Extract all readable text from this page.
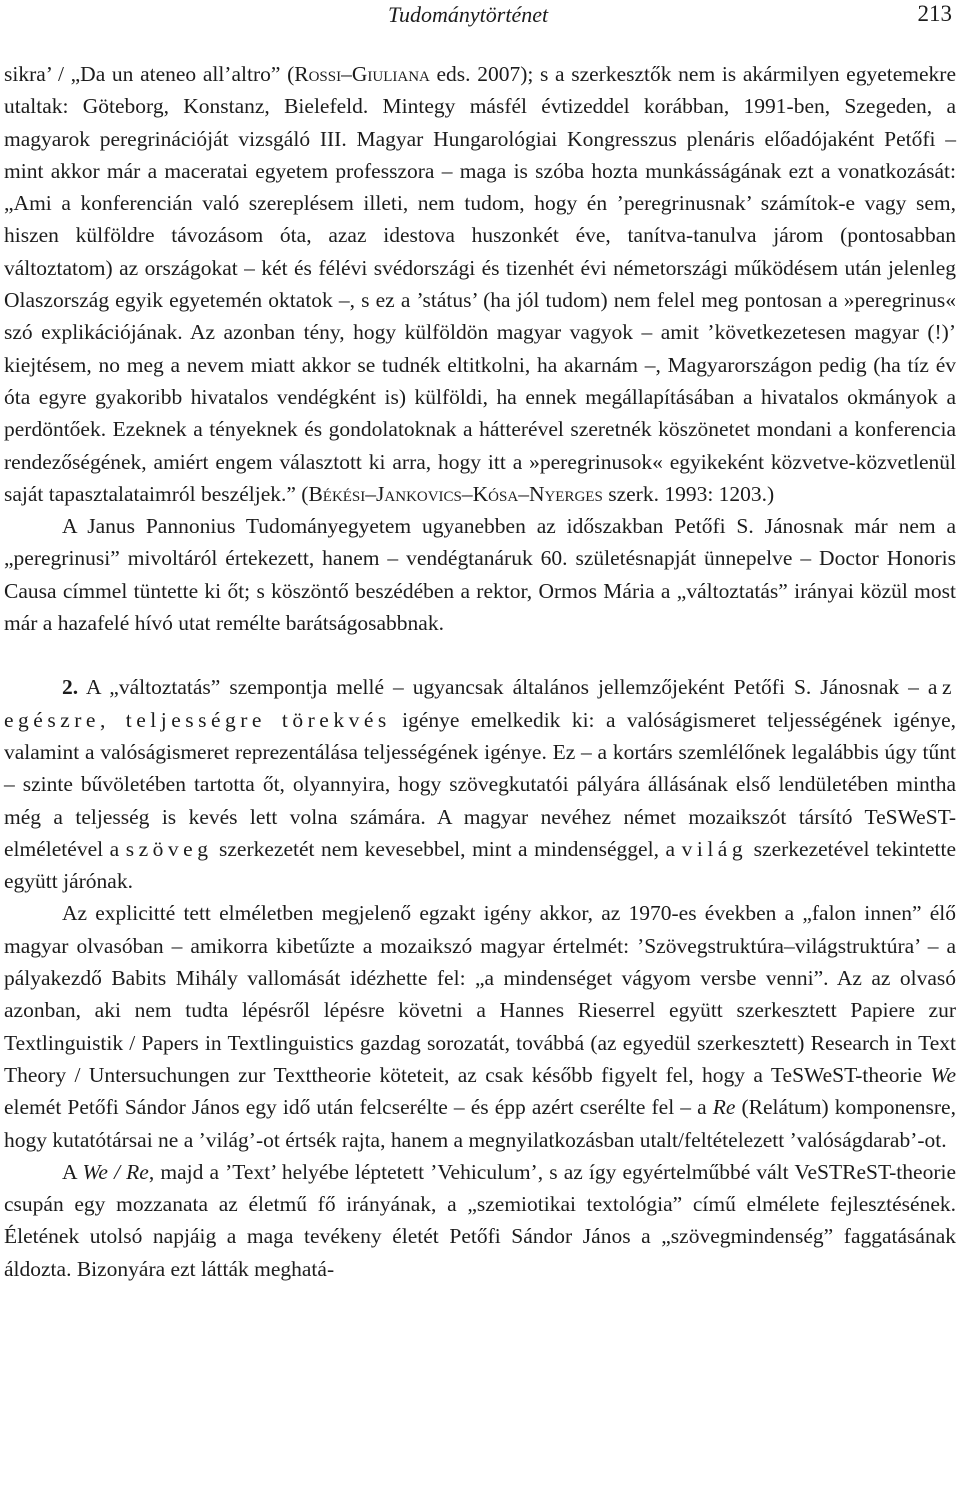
Tudománytörténet	213

sikra’ / „Da un ateneo all’altro” (Rossi–Giuliana eds. 2007); s a szerkesztők nem is akármilyen egyetemekre utaltak: Göteborg, Konstanz, Bielefeld. Mintegy másfél évtizeddel korábban, 1991-ben, Szegeden, a magyarok peregrinációját vizsgáló III. Magyar Hungarológiai Kongresszus plenáris előadójaként Petőfi – mint akkor már a maceratai egyetem professzora – maga is szóba hozta munkásságának ezt a vonatkozását: „Ami a konferencián való szereplésem illeti, nem tudom, hogy én ’peregrinusnak’ számítok-e vagy sem, hiszen külföldre távozásom óta, azaz idestova huszonkét éve, tanítva-tanulva járom (pontosabban változtatom) az országokat – két és félévi svédországi és tizenhét évi németországi működésem után jelenleg Olaszország egyik egyetemén oktatok –, s ez a ’státus’ (ha jól tudom) nem felel meg pontosan a »peregrinus« szó explikációjának. Az azonban tény, hogy külföldön magyar vagyok – amit ’következetesen magyar (!)’ kiejtésem, no meg a nevem miatt akkor se tudnék eltitkolni, ha akarnám –, Magyarországon pedig (ha tíz év óta egyre gyakoribb hivatalos vendégként is) külföldi, ha ennek megállapításában a hivatalos okmányok a perdöntőek. Ezeknek a tényeknek és gondolatoknak a hátterével szeretnék köszönetet mondani a konferencia rendezőségének, amiért engem választott ki arra, hogy itt a »peregrinusok« egyikeként közvetve-közvetlenül saját tapasztalataimról beszéljek.” (Békési–Jankovics–Kósa–Nyerges szerk. 1993: 1203.)

A Janus Pannonius Tudományegyetem ugyanebben az időszakban Petőfi S. Jánosnak már nem a „peregrinusi” mivoltáról értekezett, hanem – vendégtanáruk 60. születésnapját ünnepelve – Doctor Honoris Causa címmel tüntette ki őt; s köszöntő beszédében a rektor, Ormos Mária a „változtatás” irányai közül most már a hazafelé hívó utat remélte barátságosabbnak.

2. A „változtatás” szempontja mellé – ugyancsak általános jellemzőjeként Petőfi S. Jánosnak – az egészre, teljességre törekvés igénye emelkedik ki: a valóságismeret teljességének igénye, valamint a valóságismeret reprezentálása teljességének igénye. Ez – a kortárs szemlélőnek legalábbis úgy tűnt – szinte bűvöletében tartotta őt, olyannyira, hogy szövegkutatói pályára állásának első lendületében mintha még a teljesség is kevés lett volna számára. A magyar nevéhez német mozaikszót társító TeSWeST-elméletével a szöveg szerkezetét nem kevesebbel, mint a mindenséggel, a világ szerkezetével tekintette együtt járónak.

Az explicitté tett elméletben megjelenő egzakt igény akkor, az 1970-es években a „falon innen” élő magyar olvasóban – amikorra kibetűzte a mozaikszó magyar értelmét: ’Szövegstruktúra–világstruktúra’ – a pályakezdő Babits Mihály vallomását idézhette fel: „a mindenséget vágyom versbe venni”. Az az olvasó azonban, aki nem tudta lépésről lépésre követni a Hannes Rieserrel együtt szerkesztett Papiere zur Textlinguistik / Papers in Textlinguistics gazdag sorozatát, továbbá (az egyedül szerkesztett) Research in Text Theory / Untersuchungen zur Texttheorie köteteit, az csak később figyelt fel, hogy a TeSWeST-theorie We elemét Petőfi Sándor János egy idő után felcserélte – és épp azért cserélte fel – a Re (Relátum) komponensre, hogy kutatótársai ne a ’világ’-ot értsék rajta, hanem a megnyilatkozásban utalt/feltételezett ’valóságdarab’-ot.

A We / Re, majd a ’Text’ helyébe léptetett ’Vehiculum’, s az így egyértelműbbé vált VeSTReST-theorie csupán egy mozzanata az életmű fő irányának, a „szemiotikai textológia” című elmélete fejlesztésének. Életének utolsó napjáig a maga tevékeny életét Petőfi Sándor János a „szövegmindenség” faggatásának áldozta. Bizonyára ezt látták meghatá-
